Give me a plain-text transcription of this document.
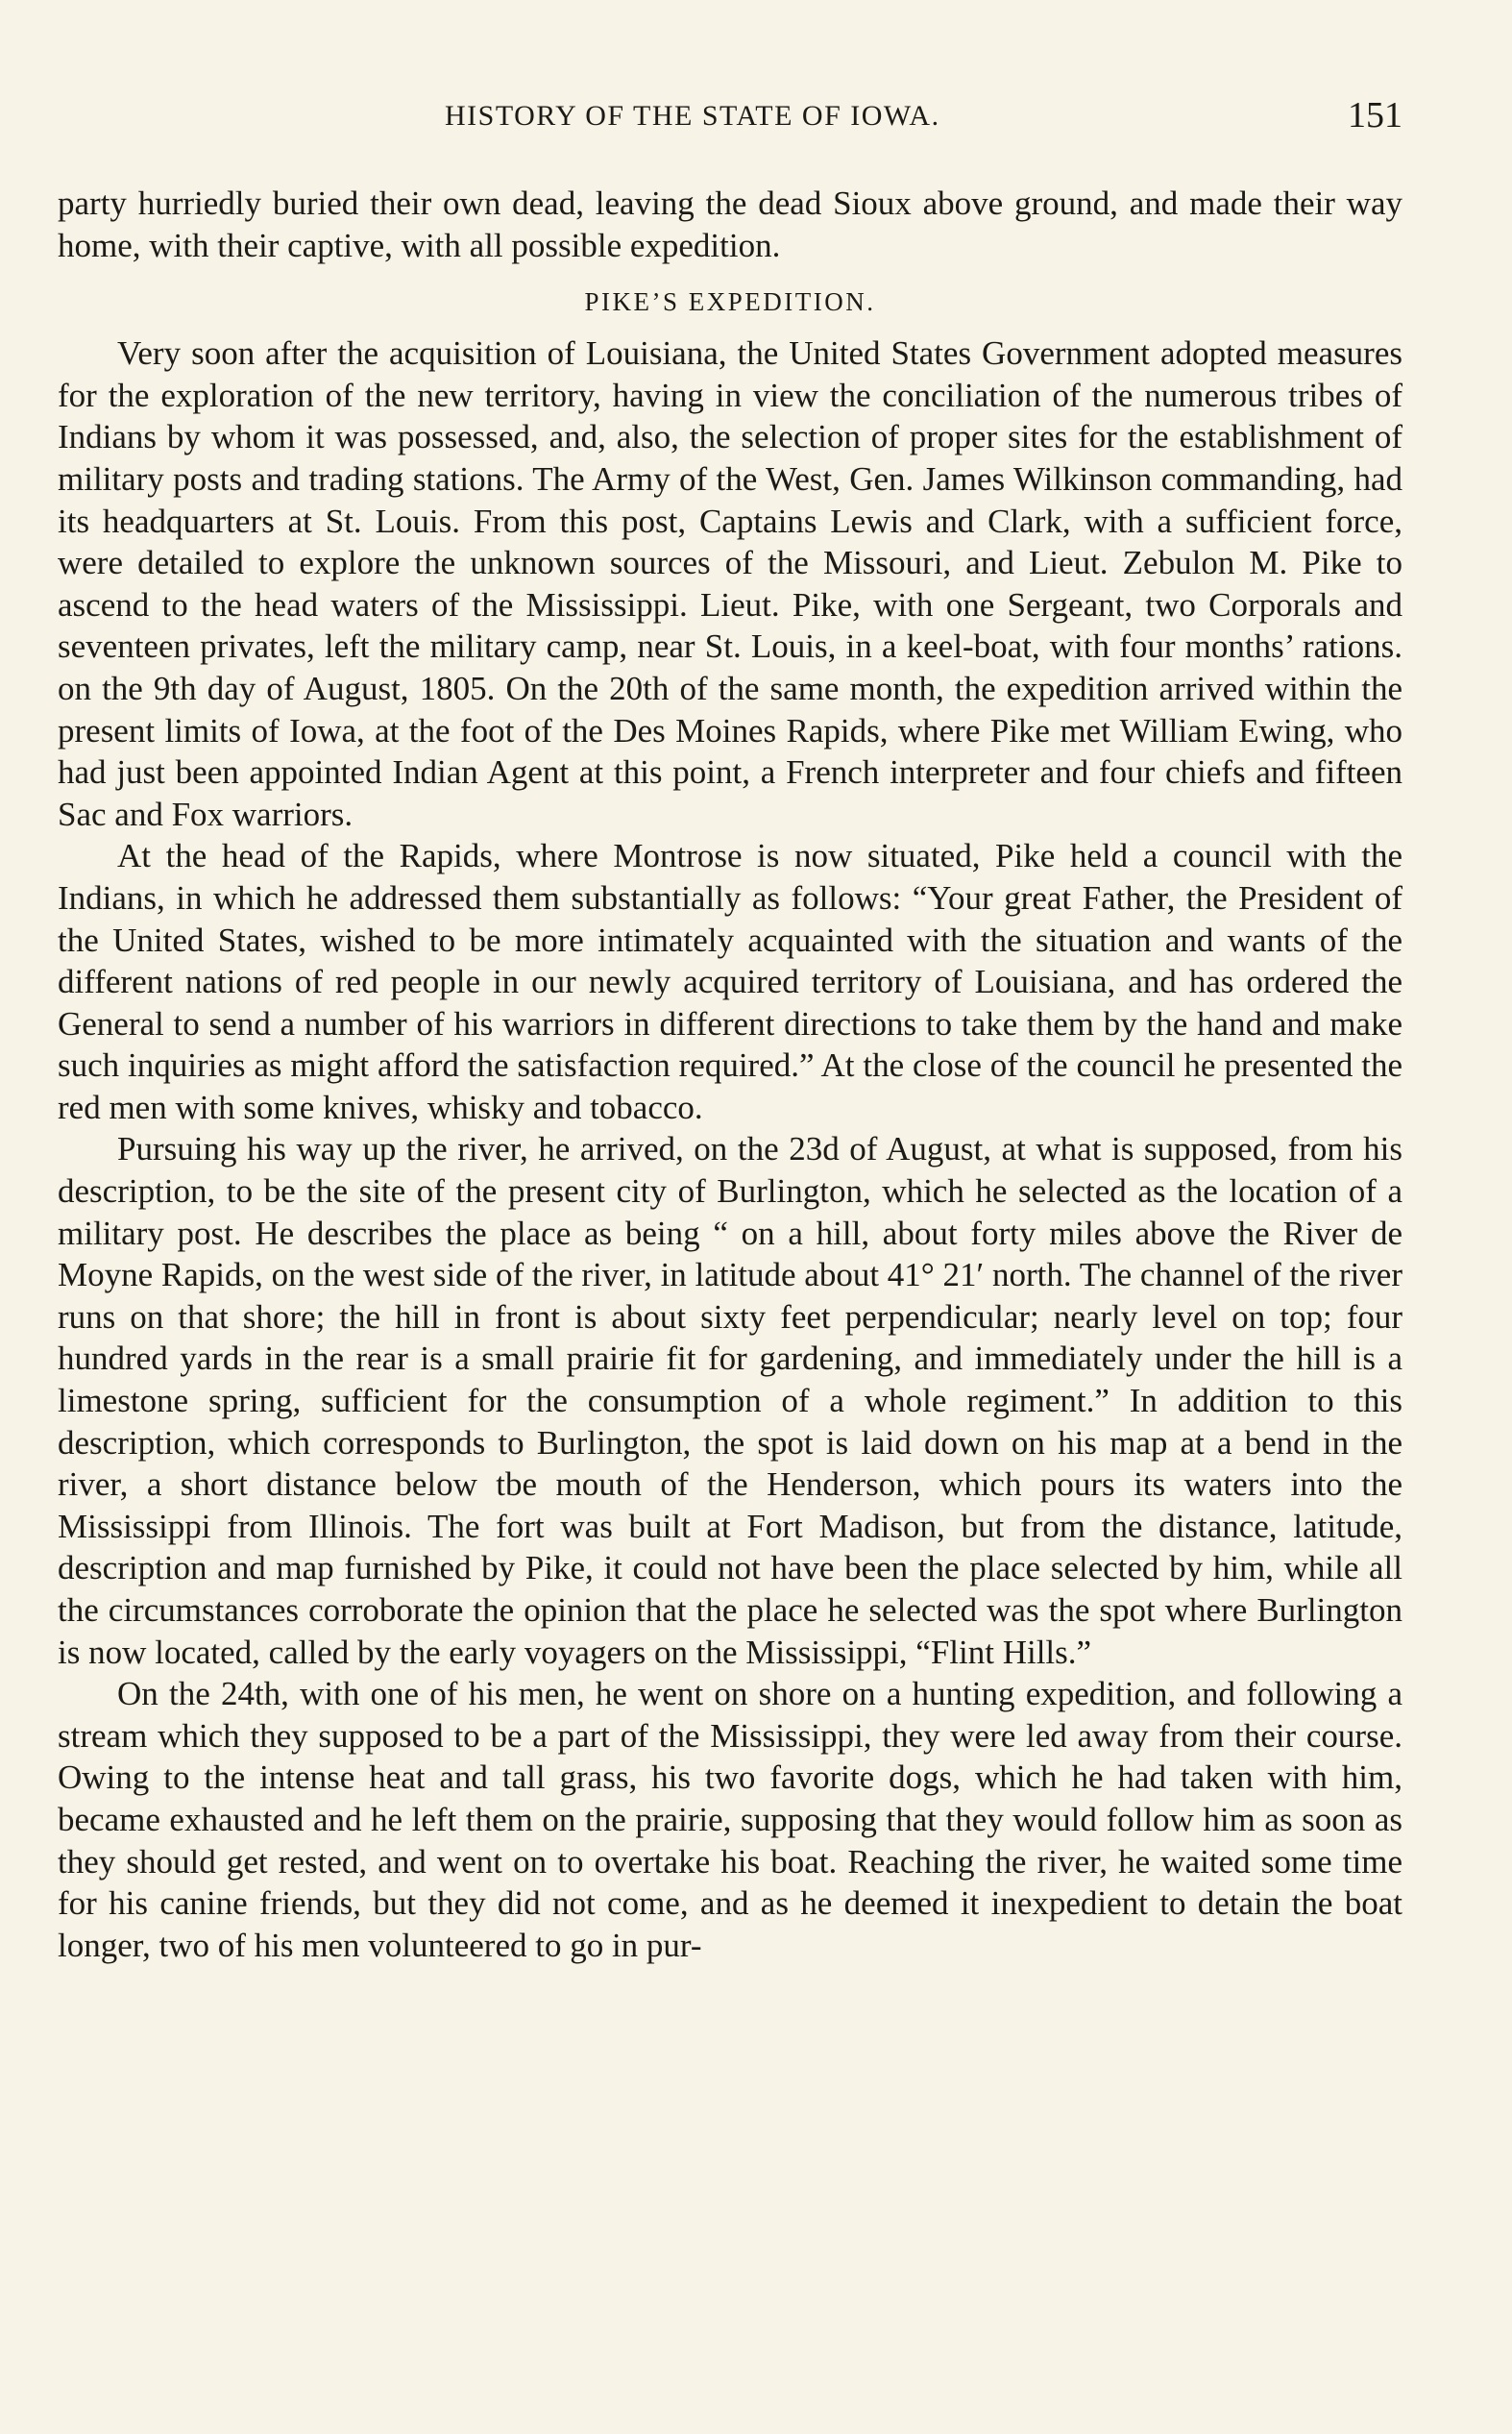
HISTORY OF THE STATE OF IOWA.	151

party hurriedly buried their own dead, leaving the dead Sioux above ground, and made their way home, with their captive, with all possible expedition.

PIKE’S EXPEDITION.

Very soon after the acquisition of Louisiana, the United States Government adopted measures for the exploration of the new territory, having in view the conciliation of the numerous tribes of Indians by whom it was possessed, and, also, the selection of proper sites for the establishment of military posts and trading stations. The Army of the West, Gen. James Wilkinson commanding, had its headquarters at St. Louis. From this post, Captains Lewis and Clark, with a sufficient force, were detailed to explore the unknown sources of the Missouri, and Lieut. Zebulon M. Pike to ascend to the head waters of the Mississippi. Lieut. Pike, with one Sergeant, two Corporals and seventeen privates, left the military camp, near St. Louis, in a keel-boat, with four months’ rations. on the 9th day of August, 1805. On the 20th of the same month, the expedition arrived within the present limits of Iowa, at the foot of the Des Moines Rapids, where Pike met William Ewing, who had just been appointed Indian Agent at this point, a French interpreter and four chiefs and fifteen Sac and Fox warriors.

At the head of the Rapids, where Montrose is now situated, Pike held a council with the Indians, in which he addressed them substantially as follows: “Your great Father, the President of the United States, wished to be more intimately acquainted with the situation and wants of the different nations of red people in our newly acquired territory of Louisiana, and has ordered the General to send a number of his warriors in different directions to take them by the hand and make such inquiries as might afford the satisfaction required.” At the close of the council he presented the red men with some knives, whisky and tobacco.

Pursuing his way up the river, he arrived, on the 23d of August, at what is supposed, from his description, to be the site of the present city of Burlington, which he selected as the location of a military post. He describes the place as being “ on a hill, about forty miles above the River de Moyne Rapids, on the west side of the river, in latitude about 41° 21′ north. The channel of the river runs on that shore; the hill in front is about sixty feet perpendicular; nearly level on top; four hundred yards in the rear is a small prairie fit for gardening, and immediately under the hill is a limestone spring, sufficient for the consumption of a whole regiment.” In addition to this description, which corresponds to Burlington, the spot is laid down on his map at a bend in the river, a short distance below tbe mouth of the Henderson, which pours its waters into the Mississippi from Illinois. The fort was built at Fort Madison, but from the distance, latitude, description and map furnished by Pike, it could not have been the place selected by him, while all the circumstances corroborate the opinion that the place he selected was the spot where Burlington is now located, called by the early voyagers on the Mississippi, “Flint Hills.”

On the 24th, with one of his men, he went on shore on a hunting expedition, and following a stream which they supposed to be a part of the Mississippi, they were led away from their course. Owing to the intense heat and tall grass, his two favorite dogs, which he had taken with him, became exhausted and he left them on the prairie, supposing that they would follow him as soon as they should get rested, and went on to overtake his boat. Reaching the river, he waited some time for his canine friends, but they did not come, and as he deemed it inexpedient to detain the boat longer, two of his men volunteered to go in pur-
